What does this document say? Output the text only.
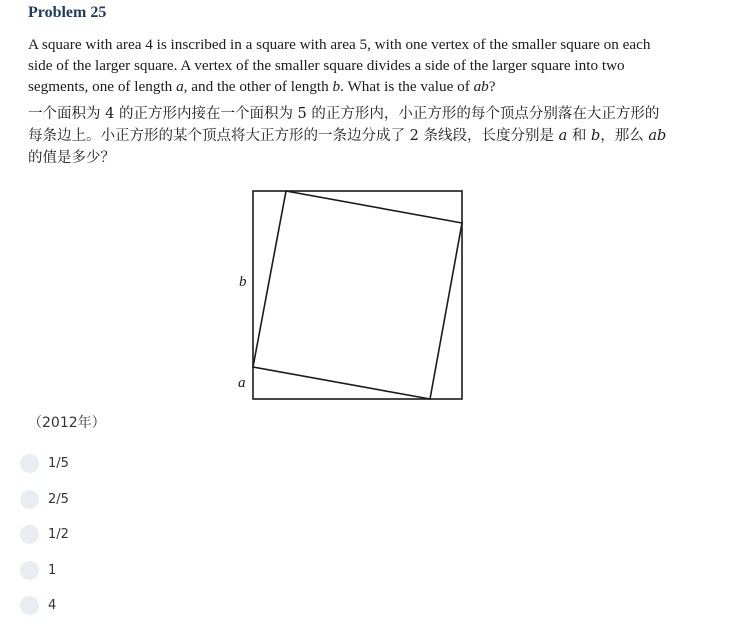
Problem 25
A square with area 4 is inscribed in a square with area 5, with one vertex of the smaller square on each side of the larger square. A vertex of the smaller square divides a side of the larger square into two segments, one of length a, and the other of length b. What is the value of ab?
一个面积为 4 的正方形内接在一个面积为 5 的正方形内，小正方形的每个顶点分别落在大正方形的每条边上。小正方形的某个顶点将大正方形的一条边分成了 2 条线段，长度分别是 a 和 b，那么 ab 的值是多少？
b
a
（2012年）
1/5
2/5
1/2
1
4
